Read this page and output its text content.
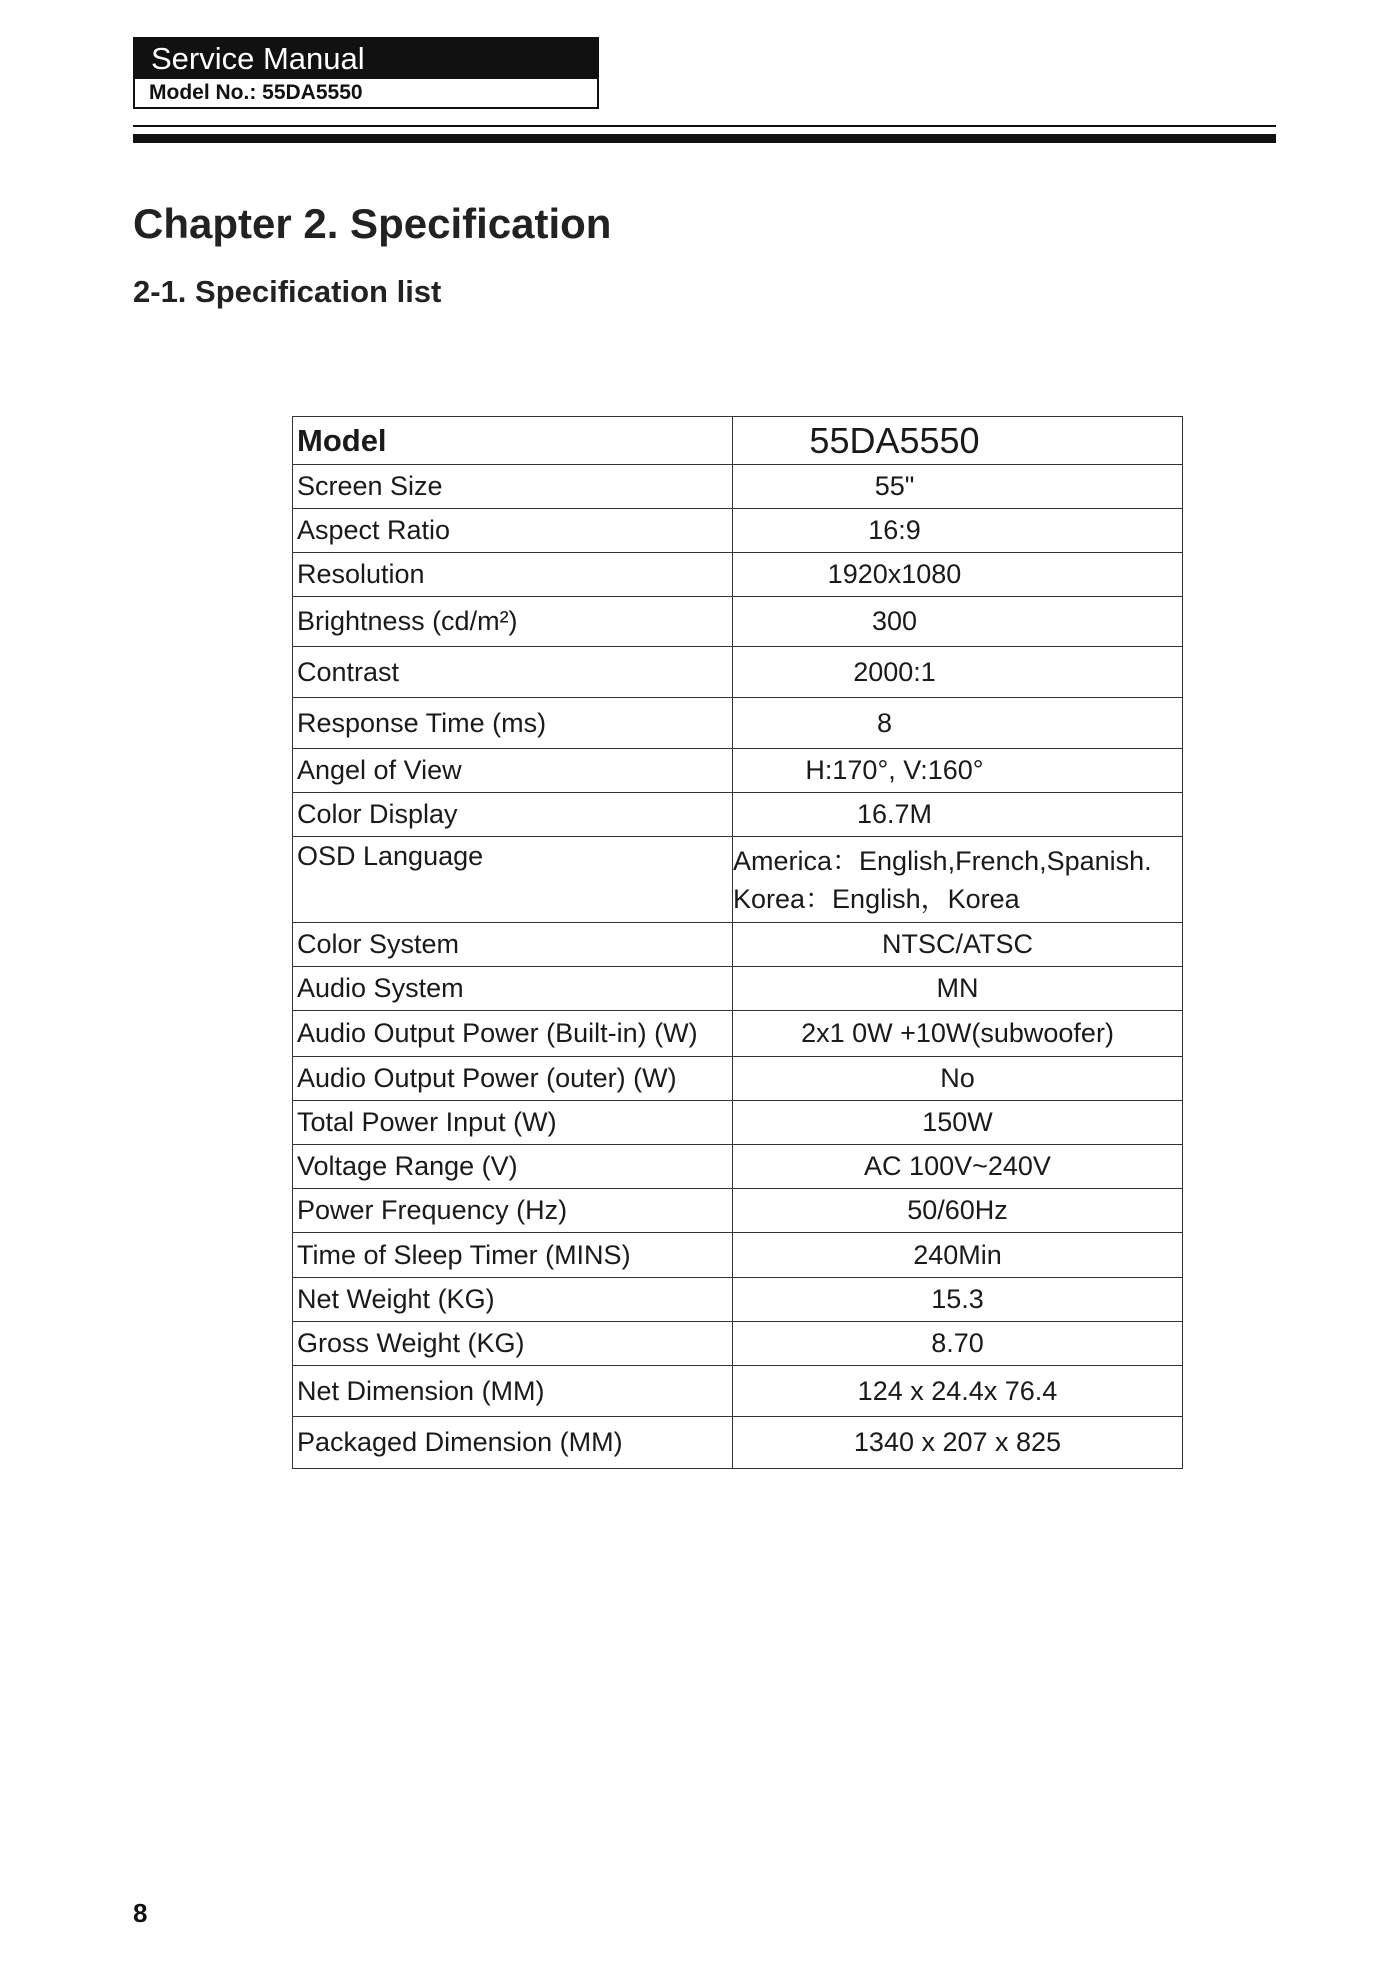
Service Manual
Model No.: 55DA5550
Chapter 2. Specification
2-1. Specification list
Model	55DA5550
Screen Size	55"
Aspect Ratio	16:9
Resolution	1920x1080
Brightness (cd/m²)	300
Contrast	2000:1
Response Time (ms)	8
Angel of View	H:170°, V:160°
Color Display	16.7M
OSD Language	America：English,French,Spanish.
Korea：English，Korea

Color System	NTSC/ATSC
Audio System	MN
Audio Output Power (Built-in) (W)	2x1 0W +10W(subwoofer)
Audio Output Power (outer) (W)	No
Total Power Input (W)	150W
Voltage Range (V)	AC 100V~240V
Power Frequency (Hz)	50/60Hz
Time of Sleep Timer (MINS)	240Min
Net Weight (KG)	15.3
Gross Weight (KG)	8.70
Net Dimension (MM)	124 x 24.4x 76.4
Packaged Dimension (MM)	1340 x 207 x 825
8
